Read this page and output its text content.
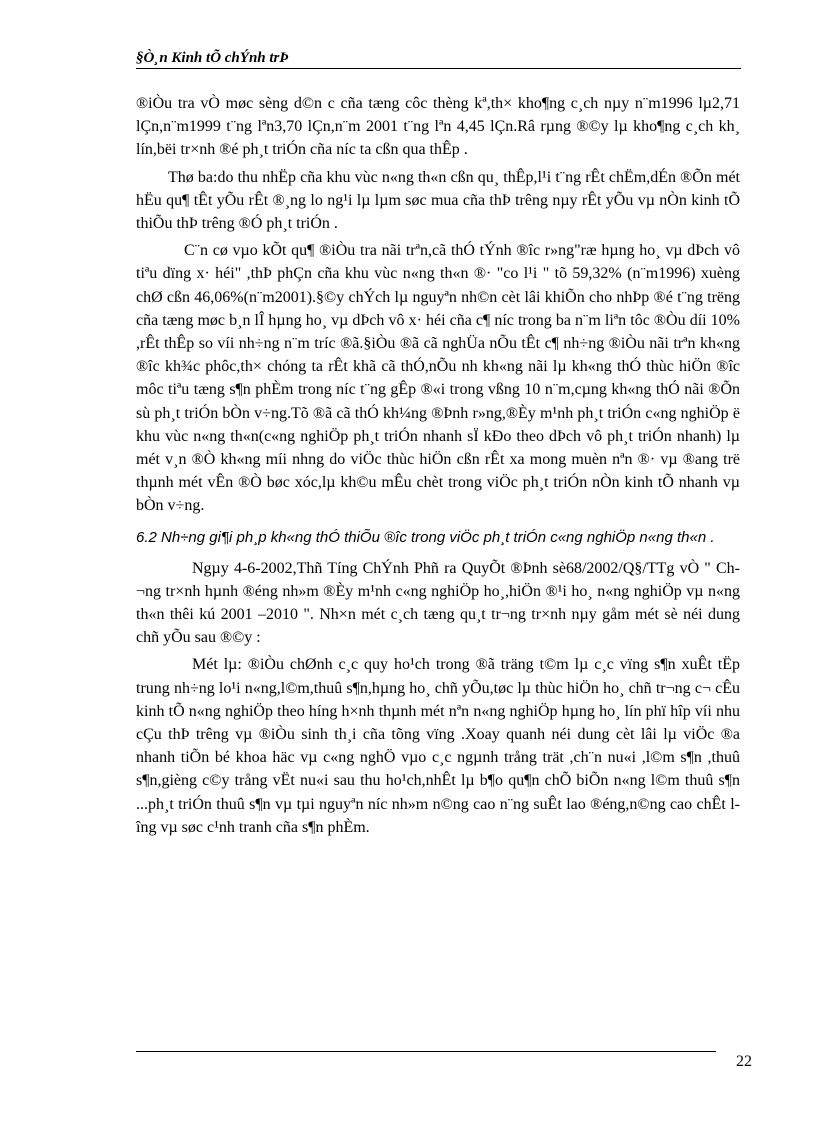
§Ò¸n Kinh tÕ chÝnh trÞ

®iÒu tra vÒ møc sèng d©n c cña tæng côc thèng kª,th× kho¶ng c¸ch nµy n¨m1996 lµ2,71 lÇn,n¨m1999 t¨ng lªn3,70 lÇn,n¨m 2001 t¨ng lªn 4,45 lÇn.Râ rµng ®©y lµ kho¶ng c¸ch kh¸ lín,bëi tr×nh ®é ph¸t triÓn cña níc ta cßn qua thÊp .

Thø ba:do thu nhËp cña khu vùc n«ng th«n cßn qu¸ thÊp,l¹i t¨ng rÊt chËm,dÉn ®Õn mét hËu qu¶ tÊt yÕu rÊt ®¸ng lo ng¹i lµ lµm søc mua cña thÞ trêng nµy rÊt yÕu vµ nÒn kinh tÕ thiÕu thÞ trêng ®Ó ph¸t triÓn .

C¨n cø vµo kÕt qu¶ ®iÒu tra nãi trªn,cã thÓ tÝnh ®îc r»ng"ræ hµng ho¸ vµ dÞch vô tiªu dïng x· héi" ,thÞ phÇn cña khu vùc n«ng th«n ®· "co l¹i " tõ 59,32% (n¨m1996) xuèng chØ cßn 46,06%(n¨m2001).§©y chÝch lµ nguyªn nh©n cèt lâi khiÕn cho nhÞp ®é t¨ng trëng cña tæng møc b¸n lÎ hµng ho¸ vµ dÞch vô x· héi cña c¶ níc trong ba n¨m liªn tôc ®Òu díi 10% ,rÊt thÊp so víi nh÷ng n¨m tríc ®ã.§iÒu ®ã cã nghÜa nÕu tÊt c¶ nh÷ng ®iÒu nãi trªn kh«ng ®îc kh¾c phôc,th× chóng ta rÊt khã cã thÓ,nÕu nh kh«ng nãi lµ kh«ng thÓ thùc hiÖn ®îc môc tiªu tæng s¶n phÈm trong níc t¨ng gÊp ®«i trong vßng 10 n¨m,cµng kh«ng thÓ nãi ®Õn sù ph¸t triÓn bÒn v÷ng.Tõ ®ã cã thÓ kh¼ng ®Þnh r»ng,®Èy m¹nh ph¸t triÓn c«ng nghiÖp ë khu vùc n«ng th«n(c«ng nghiÖp ph¸t triÓn nhanh sÏ kÐo theo dÞch vô ph¸t triÓn nhanh) lµ mét v¸n ®Ò kh«ng míi nhng do viÖc thùc hiÖn cßn rÊt xa mong muèn nªn ®· vµ ®ang trë thµnh mét vÊn ®Ò bøc xóc,lµ kh©u mÊu chèt trong viÖc ph¸t triÓn nÒn kinh tÕ nhanh vµ bÒn v÷ng.

6.2 Nh÷ng gi¶i ph¸p kh«ng thÓ thiÕu ®îc trong viÖc ph¸t triÓn c«ng nghiÖp n«ng th«n .

Ngµy 4-6-2002,Thñ Tíng ChÝnh Phñ ra QuyÕt ®Þnh sè68/2002/Q§/TTg vÒ " Ch¬ng tr×nh hµnh ®éng nh»m ®Èy m¹nh c«ng nghiÖp ho¸,hiÖn ®¹i ho¸ n«ng nghiÖp vµ n«ng th«n thêi kú 2001 –2010 ". Nh×n mét c¸ch tæng qu¸t tr¬ng tr×nh nµy gåm mét sè néi dung chñ yÕu sau ®©y :

Mét lµ: ®iÒu chØnh c¸c quy ho¹ch trong ®ã träng t©m lµ c¸c vïng s¶n xuÊt tËp trung nh÷ng lo¹i n«ng,l©m,thuû s¶n,hµng ho¸ chñ yÕu,tøc lµ thùc hiÖn ho¸ chñ tr¬ng c¬ cÊu kinh tÕ n«ng nghiÖp theo híng h×nh thµnh mét nªn n«ng nghiÖp hµng ho¸ lín phï hîp víi nhu cÇu thÞ trêng vµ ®iÒu sinh th¸i cña tõng vïng .Xoay quanh néi dung cèt lâi lµ viÖc ®a nhanh tiÕn bé khoa häc vµ c«ng nghÖ vµo c¸c ngµnh trång trät ,ch¨n nu«i ,l©m s¶n ,thuû s¶n,gièng c©y trång vËt nu«i sau thu ho¹ch,nhÊt lµ b¶o qu¶n chÕ biÕn n«ng l©m thuû s¶n ...ph¸t triÓn thuû s¶n vµ tµi nguyªn níc nh»m n©ng cao n¨ng suÊt lao ®éng,n©ng cao chÊt lîng vµ søc c¹nh tranh cña s¶n phÈm.

22
